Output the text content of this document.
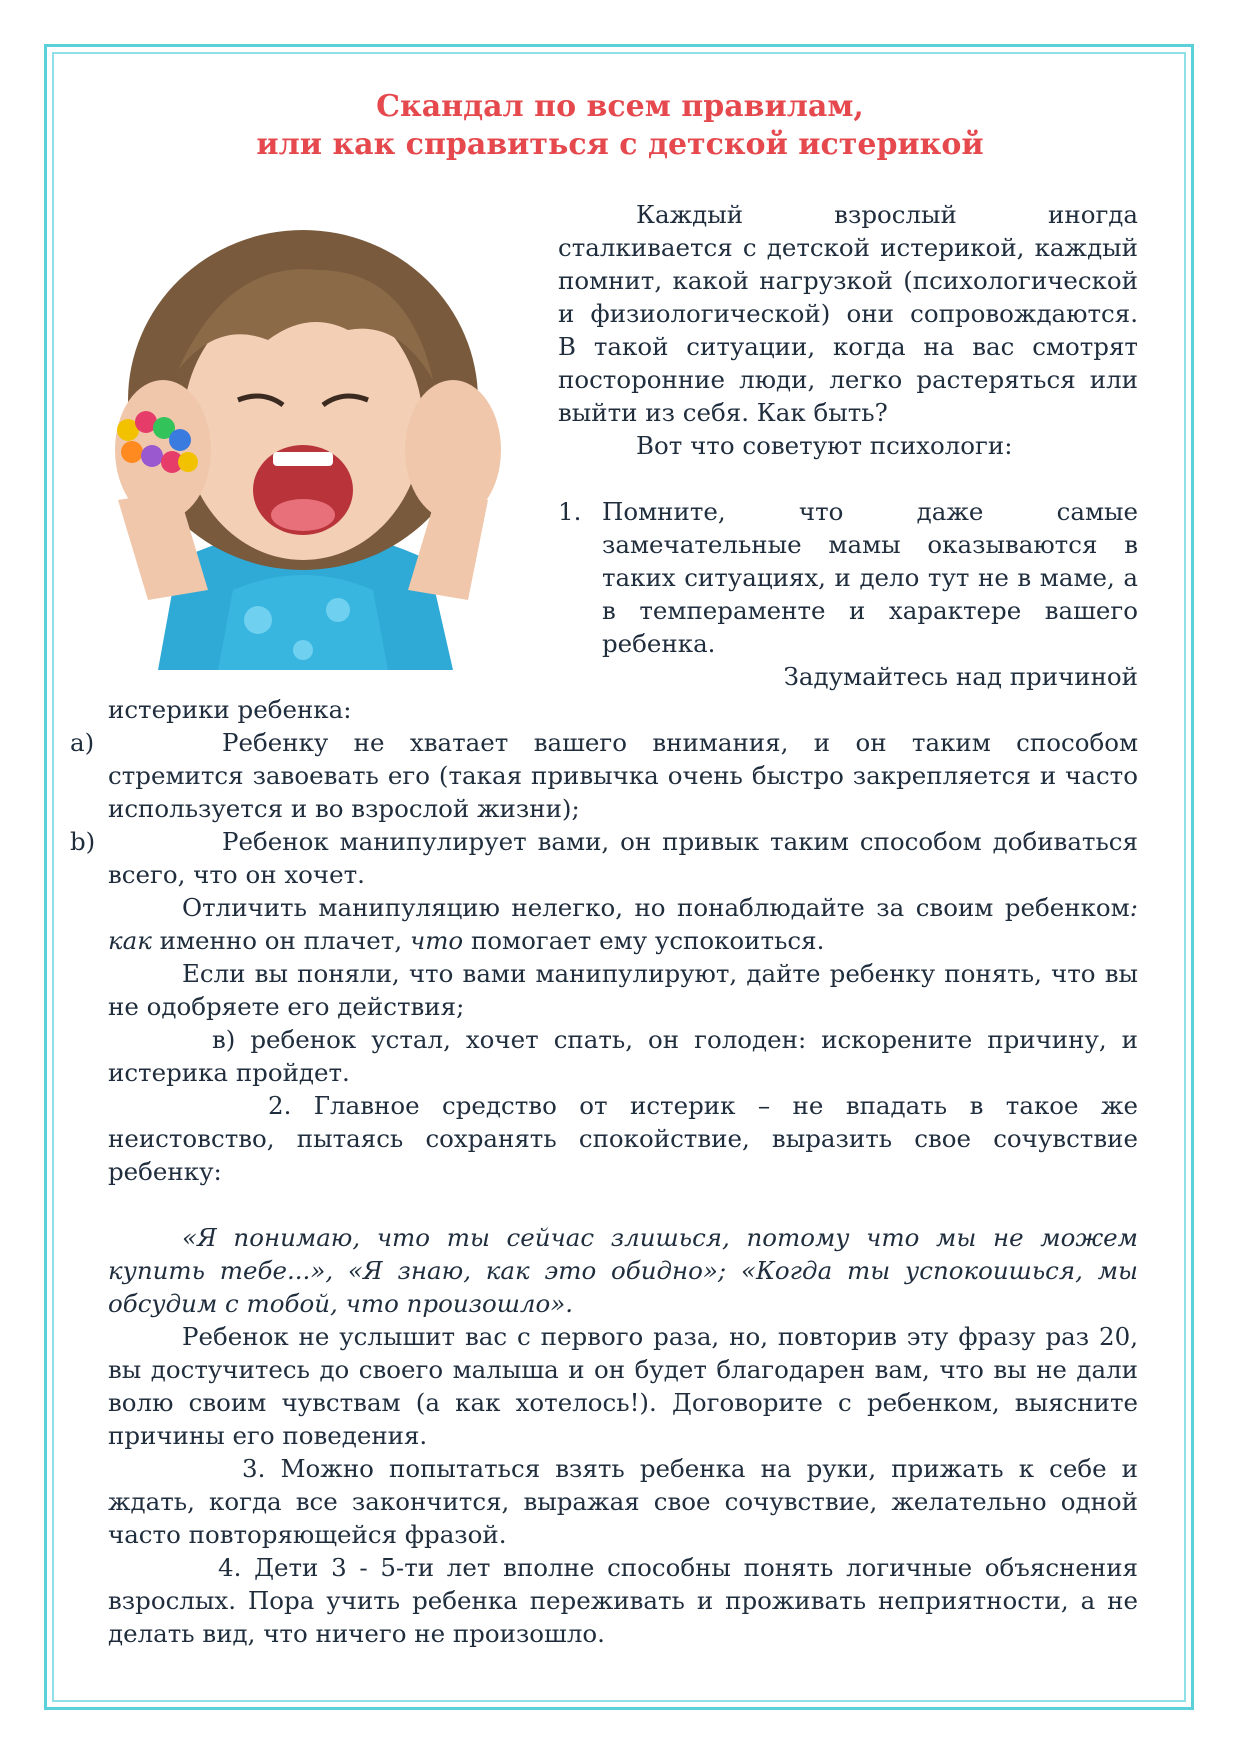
Скандал по всем правилам,
или как справиться с детской истерикой

Каждый взрослый иногда сталкивается с детской истерикой, каждый помнит, какой нагрузкой (психологической и физиологической) они сопровождаются. В такой ситуации, когда на вас смотрят посторонние люди, легко растеряться или выйти из себя. Как быть?

Вот что советуют психологи:

1. Помните, что даже самые замечательные мамы оказываются в таких ситуациях, и дело тут не в маме, а в темпераменте и характере вашего ребенка.

Задумайтесь над причиной

истерики ребенка:

a)	Ребенку не хватает вашего внимания, и он таким способом стремится завоевать его (такая привычка очень быстро закрепляется и часто используется и во взрослой жизни);

b)	Ребенок манипулирует вами, он привык таким способом добиваться всего, что он хочет.

Отличить манипуляцию нелегко, но понаблюдайте за своим ребенком: как именно он плачет, что помогает ему успокоиться.

Если вы поняли, что вами манипулируют, дайте ребенку понять, что вы не одобряете его действия;

в) ребенок устал, хочет спать, он голоден: искорените причину, и истерика пройдет.

2. Главное средство от истерик – не впадать в такое же неистовство, пытаясь сохранять спокойствие, выразить свое сочувствие ребенку:

«Я понимаю, что ты сейчас злишься, потому что мы не можем купить тебе...», «Я знаю, как это обидно»; «Когда ты успокоишься, мы обсудим с тобой, что произошло».

Ребенок не услышит вас с первого раза, но, повторив эту фразу раз 20, вы достучитесь до своего малыша и он будет благодарен вам, что вы не дали волю своим чувствам (а как хотелось!). Договорите с ребенком, выясните причины его поведения.

3. Можно попытаться взять ребенка на руки, прижать к себе и ждать, когда все закончится, выражая свое сочувствие, желательно одной часто повторяющейся фразой.

4. Дети 3 - 5-ти лет вполне способны понять логичные объяснения взрослых. Пора учить ребенка переживать и проживать неприятности, а не делать вид, что ничего не произошло.
